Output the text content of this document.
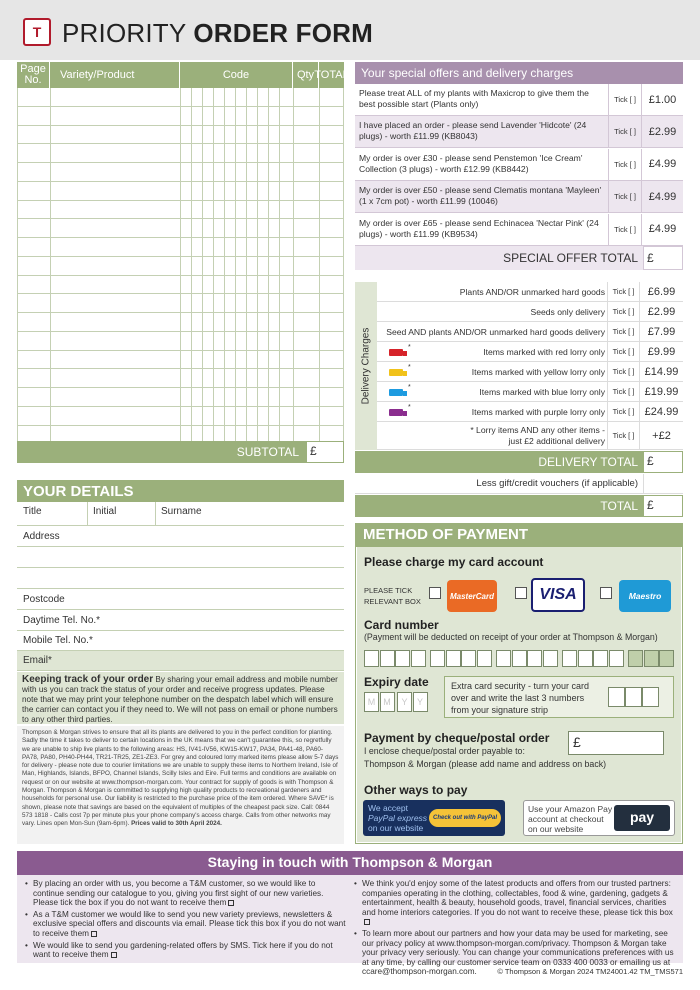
T PRIORITY ORDER FORM
Page No.	Variety/Product	Code	Qty TOTAL
SUBTOTAL £
Your special offers and delivery charges
Please treat ALL of my plants with Maxicrop to give them the best possible start (Plants only)	Tick [ ]	£1.00
I have placed an order - please send Lavender 'Hidcote' (24 plugs) - worth £11.99 (KB8043)	Tick [ ]	£2.99
My order is over £30 - please send Penstemon 'Ice Cream' Collection (3 plugs) - worth £12.99 (KB8442)	Tick [ ]	£4.99
My order is over £50 - please send Clematis montana 'Mayleen' (1 x 7cm pot) - worth £11.99 (10046)	Tick [ ]	£4.99
My order is over £65 - please send Echinacea 'Nectar Pink' (24 plugs) - worth £11.99 (KB9534)	Tick [ ]	£4.99
SPECIAL OFFER TOTAL £
Delivery Charges
Plants AND/OR unmarked hard goods	Tick [ ]	£6.99
Seeds only delivery	Tick [ ]	£2.99
Seed AND plants AND/OR unmarked hard goods delivery	Tick [ ]	£7.99
*	Items marked with red lorry only	Tick [ ]	£9.99
*	Items marked with yellow lorry only	Tick [ ] £14.99
*	Items marked with blue lorry only	Tick [ ] £19.99
*	Items marked with purple lorry only	Tick [ ] £24.99
* Lorry items AND any other items -
just £2 additional delivery
Tick [ ]	+£2
DELIVERY TOTAL £
Less gift/credit vouchers (if applicable)
TOTAL £
YOUR DETAILS
Title	Initial	Surname
Address
Postcode
Daytime Tel. No.*
Mobile Tel. No.*
Email*
Keeping track of your order By sharing your email address and mobile number with us you can track the status of your order and receive progress updates. Please note that we may print your telephone number on the despatch label which will ensure the carrier can contact you if they need to. We will not pass on email or phone numbers to any other third parties.
Thompson & Morgan strives to ensure that all its plants are delivered to you in the perfect condition for planting. Sadly the time it takes to deliver to certain locations in the UK means that we can't guarantee this, so regretfully we are unable to ship live plants to the following areas: HS, IV41-IV56, KW15-KW17, PA34, PA41-48, PA60-PA78, PA80, PH40-PH44, TR21-TR25, ZE1-ZE3. For grey and coloured lorry marked items please allow 5-7 days for delivery - please note due to courier limitations we are unable to supply these items to Northern Ireland, Isle of Man, Highlands, Islands, BFPO, Channel Islands, Scilly Isles and Eire. Full terms and conditions are available on request or on our website at www.thompson-morgan.com. Your contract for supply of goods is with Thompson & Morgan. Thompson & Morgan is committed to supplying high quality products to recreational gardeners and households for personal use. Our liability is restricted to the purchase price of the item ordered. Where SAVE* is shown, please note that savings are based on the equivalent of multiples of the cheapest pack size. Call: 0844 573 1818 - Calls cost 7p per minute plus your phone company's access charge. Calls from other networks may vary. Lines open Mon-Sun (9am-6pm). Prices valid to 30th April 2024.
METHOD OF PAYMENT
Please charge my card account
PLEASE TICK
RELEVANT BOX
MasterCard	VISA	Maestro
Card number
(Payment will be deducted on receipt of your order at Thompson & Morgan)
Expiry date
M M	Y	Y
Extra card security - turn your card
over and write the last 3 numbers
from your signature strip
Payment by cheque/postal order
I enclose cheque/postal order payable to:
Thompson & Morgan (please add name and address on back)
£
Other ways to pay
We accept
PayPal express
on our website
Check out with PayPal
Use your Amazon Pay
account at checkout
on our website
pay
Staying in touch with Thompson & Morgan
• By placing an order with us, you become a T&M customer, so we would like to continue sending our catalogue to you, giving you first sight of our new varieties. Please tick the box if you do not want to receive them
• As a T&M customer we would like to send you new variety previews, newsletters & exclusive special offers and discounts via email. Please tick this box if you do not want to receive them
• We would like to send you gardening-related offers by SMS. Tick here if you do not want to receive them
• We think you'd enjoy some of the latest products and offers from our trusted partners: companies operating in the clothing, collectables, food & wine, gardening, gadgets & entertainment, health & beauty, household goods, travel, financial services, charities and home interiors categories. If you do not want to receive these, please tick this box
• To learn more about our partners and how your data may be used for marketing, see our privacy policy at www.thompson-morgan.com/privacy. Thompson & Morgan take your privacy very seriously. You can change your communications preferences with us at any time, by calling our customer service team on 0333 400 0033 or emailing us at ccare@thompson-morgan.com.	© Thompson & Morgan 2024 TM24001.42 TM_TMS571
